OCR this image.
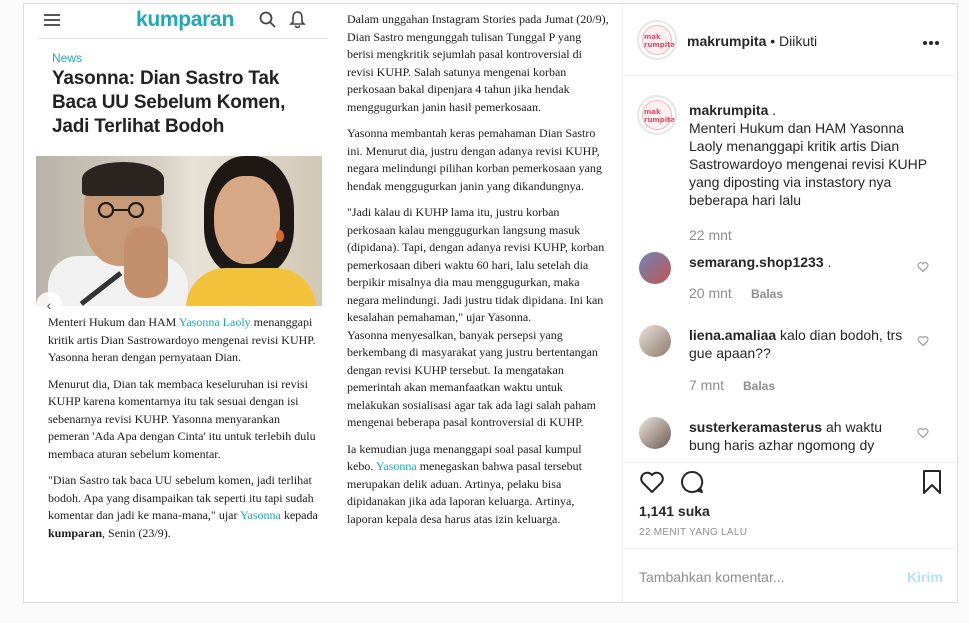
kumparan
News
Yasonna: Dian Sastro Tak Baca UU Sebelum Komen, Jadi Terlihat Bodoh
‹

Menteri Hukum dan HAM Yasonna Laoly menanggapi kritik artis Dian Sastrowardoyo mengenai revisi KUHP. Yasonna heran dengan pernyataan Dian.

Menurut dia, Dian tak membaca keseluruhan isi revisi KUHP karena komentarnya itu tak sesuai dengan isi sebenarnya revisi KUHP. Yasonna menyarankan pemeran 'Ada Apa dengan Cinta' itu untuk terlebih dulu membaca aturan sebelum komentar.

"Dian Sastro tak baca UU sebelum komen, jadi terlihat bodoh. Apa yang disampaikan tak seperti itu tapi sudah komentar dan jadi ke mana-mana," ujar Yasonna kepada kumparan, Senin (23/9).

Dalam unggahan Instagram Stories pada Jumat (20/9), Dian Sastro mengunggah tulisan Tunggal P yang berisi mengkritik sejumlah pasal kontroversial di revisi KUHP. Salah satunya mengenai korban perkosaan bakal dipenjara 4 tahun jika hendak menggugurkan janin hasil pemerkosaan.

Yasonna membantah keras pemahaman Dian Sastro ini. Menurut dia, justru dengan adanya revisi KUHP, negara melindungi pilihan korban pemerkosaan yang hendak menggugurkan janin yang dikandungnya.

"Jadi kalau di KUHP lama itu, justru korban perkosaan kalau menggugurkan langsung masuk (dipidana). Tapi, dengan adanya revisi KUHP, korban pemerkosaan diberi waktu 60 hari, lalu setelah dia berpikir misalnya dia mau menggugurkan, maka negara melindungi. Jadi justru tidak dipidana. Ini kan kesalahan pemahaman," ujar Yasonna.

Yasonna menyesalkan, banyak persepsi yang berkembang di masyarakat yang justru bertentangan dengan revisi KUHP tersebut. Ia mengatakan pemerintah akan memanfaatkan waktu untuk melakukan sosialisasi agar tak ada lagi salah paham mengenai beberapa pasal kontroversial di KUHP.

Ia kemudian juga menanggapi soal pasal kumpul kebo. Yasonna menegaskan bahwa pasal tersebut merupakan delik aduan. Artinya, pelaku bisa dipidanakan jika ada laporan keluarga. Artinya, laporan kepala desa harus atas izin keluarga.

mak rumpita makrumpita • Diikuti
mak rumpita
makrumpita .
Menteri Hukum dan HAM Yasonna Laoly menanggapi kritik artis Dian Sastrowardoyo mengenai revisi KUHP yang diposting via instastory nya beberapa hari lalu
22 mnt
semarang.shop1233 .
20 mnt Balas
liena.amaliaa kalo dian bodoh, trs gue apaan??
7 mnt Balas
susterkeramasterus ah waktu bung haris azhar ngomong dy
1,141 suka
22 MENIT YANG LALU
Tambahkan komentar...
Kirim
